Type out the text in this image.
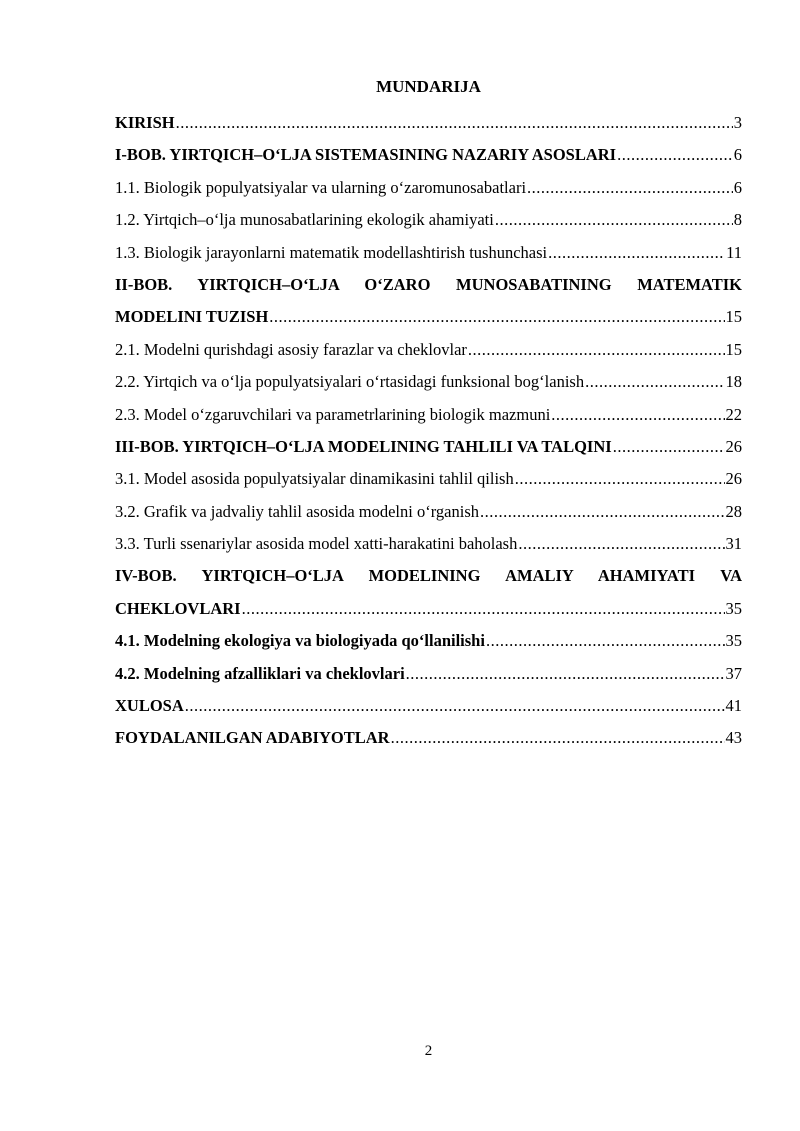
MUNDARIJA
KIRISH .....	3
I-BOB. YIRTQICH–O‘LJA SISTEMASINING NAZARIY ASOSLARI .....	6
1.1. Biologik populyatsiyalar va ularning o‘zaromunosabatlari .....	6
1.2. Yirtqich–o‘lja munosabatlarining ekologik ahamiyati .....	8
1.3. Biologik jarayonlarni matematik modellashtirish tushunchasi .....	11
II-BOB. YIRTQICH–O‘LJA O‘ZARO MUNOSABATINING MATEMATIK
MODELINI TUZISH .....	15
2.1. Modelni qurishdagi asosiy farazlar va cheklovlar .....	15
2.2. Yirtqich va o‘lja populyatsiyalari o‘rtasidagi funksional bog‘lanish .....	18
2.3. Model o‘zgaruvchilari va parametrlarining biologik mazmuni .....	22
III-BOB. YIRTQICH–O‘LJA MODELINING TAHLILI VA TALQINI .....	26
3.1. Model asosida populyatsiyalar dinamikasini tahlil qilish .....	26
3.2. Grafik va jadvaliy tahlil asosida modelni o‘rganish .....	28
3.3. Turli ssenariylar asosida model xatti-harakatini baholash .....	31
IV-BOB. YIRTQICH–O‘LJA MODELINING AMALIY AHAMIYATI VA
CHEKLOVLARI .....	35
4.1. Modelning ekologiya va biologiyada qo‘llanilishi .....	35
4.2. Modelning afzalliklari va cheklovlari .....	37
XULOSA .....	41
FOYDALANILGAN ADABIYOTLAR .....	43
2
